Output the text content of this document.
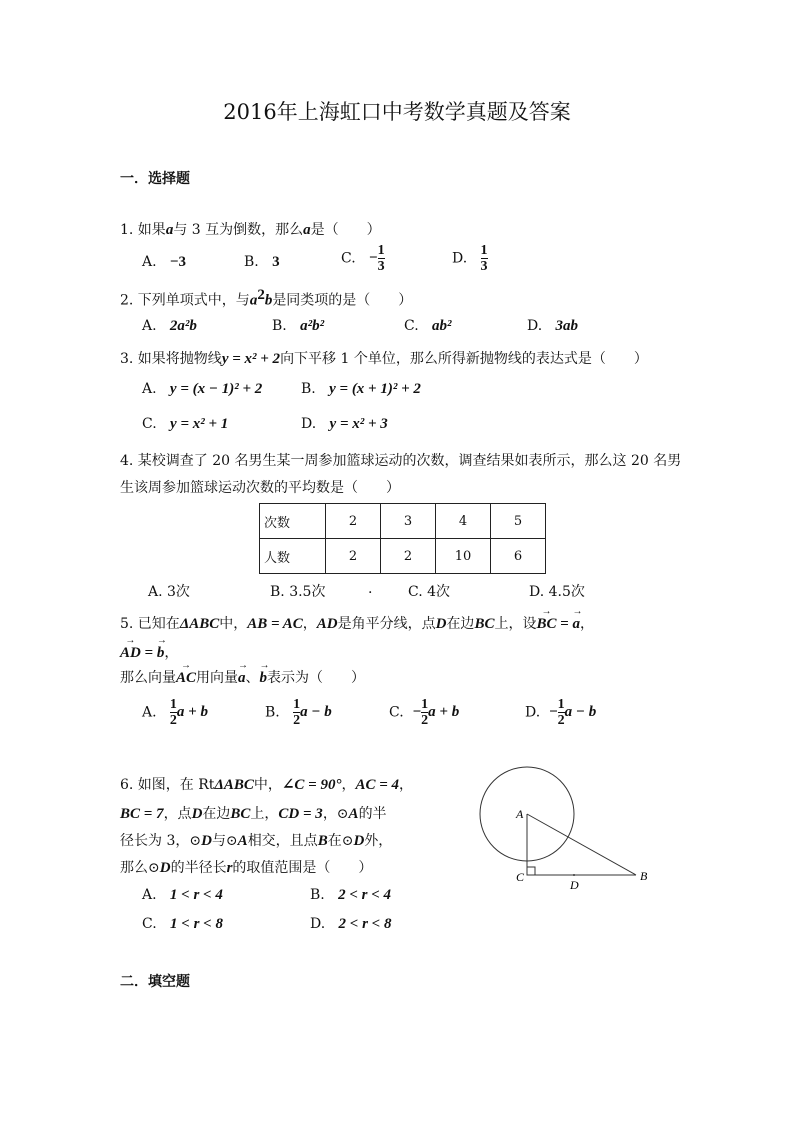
2016年上海虹口中考数学真题及答案
一．选择题
1. 如果a与 3 互为倒数，那么a是（　　）
A. −3	B. 3	C. − $\frac{1}{3}$	D. $\frac{1}{3}$
2. 下列单项式中，与$a^2b$是同类项的是（　　）
A. 2a²b	B. a²b²	C. ab²	D. 3ab
3. 如果将抛物线y = x² + 2向下平移 1 个单位，那么所得新抛物线的表达式是（　　）
A. y = (x − 1)² + 2	B. y = (x + 1)² + 2
C. y = x² + 1	D. y = x² + 3
4. 某校调查了 20 名男生某一周参加篮球运动的次数，调查结果如表所示，那么这 20 名男
生该周参加篮球运动次数的平均数是（　　）
次数	2	3	4	5
人数	2	2	10	6
A. 3次	B. 3.5次	.	C. 4次	D. 4.5次
5. 已知在ΔABC中，AB = AC，AD是角平分线，点D在边BC上，设→ BC = → a，
→ AD = → b，
那么向量→ AC用向量→ a、→ b表示为（　　）
A. $\frac{1}{2}$ a + b	B. $\frac{1}{2}$ a − b	C. − $\frac{1}{2}$ a + b	D. − $\frac{1}{2}$ a − b
6. 如图，在 RtΔABC中，∠C = 90°，AC = 4，
BC = 7，点D在边BC上，CD = 3，⊙A的半
径长为 3，⊙D与⊙A相交，且点B在⊙D外，
那么⊙D的半径长r的取值范围是（　　）
A. 1 < r < 4	B. 2 < r < 4
C. 1 < r < 8	D. 2 < r < 8
A
C
D
B
二．填空题
